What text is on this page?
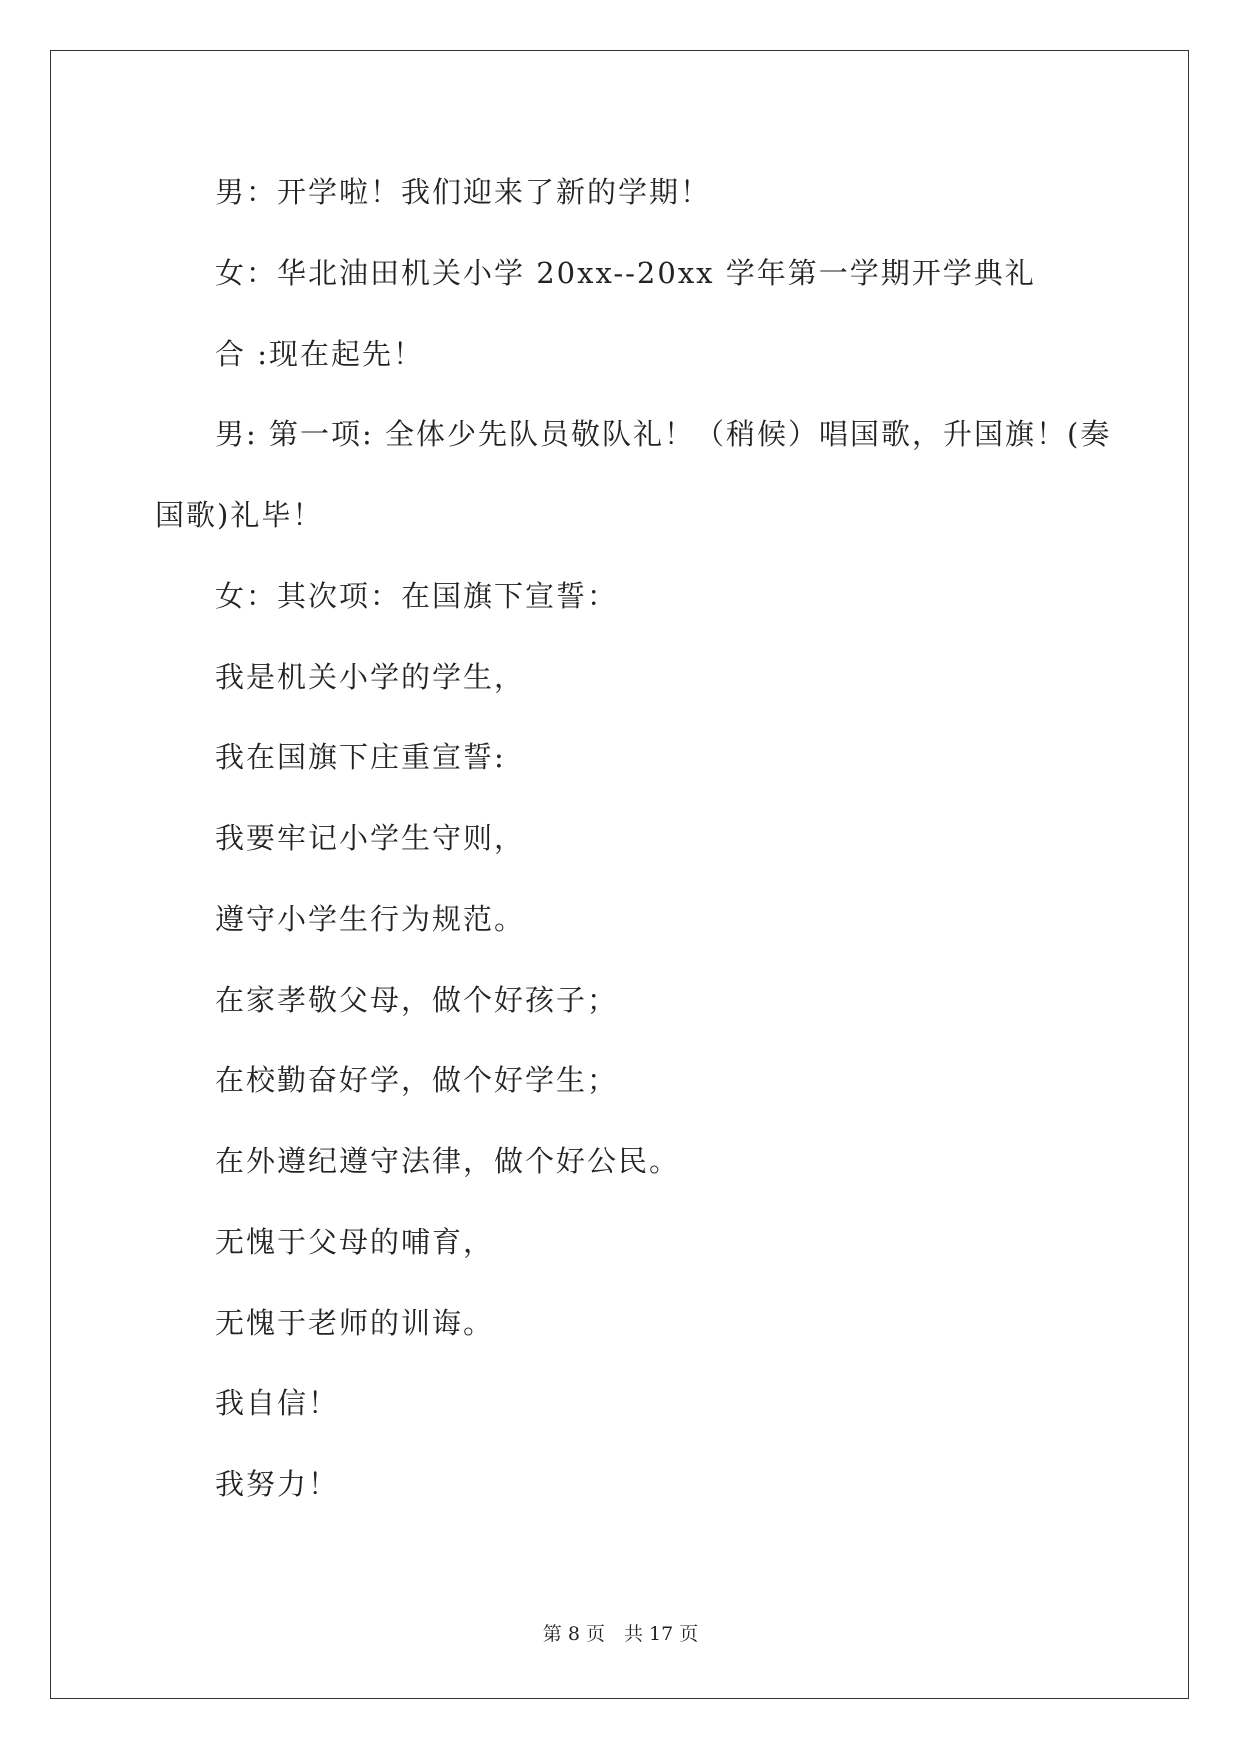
男：开学啦！我们迎来了新的学期！
女：华北油田机关小学 20xx--20xx 学年第一学期开学典礼
合 :现在起先！
男: 第一项: 全体少先队员敬队礼！（稍候）唱国歌，升国旗！(奏
国歌)礼毕！
女：其次项：在国旗下宣誓：
我是机关小学的学生，
我在国旗下庄重宣誓:
我要牢记小学生守则，
遵守小学生行为规范。
在家孝敬父母，做个好孩子；
在校勤奋好学，做个好学生；
在外遵纪遵守法律，做个好公民。
无愧于父母的哺育，
无愧于老师的训诲。
我自信！
我努力！
第 8 页　共 17 页
